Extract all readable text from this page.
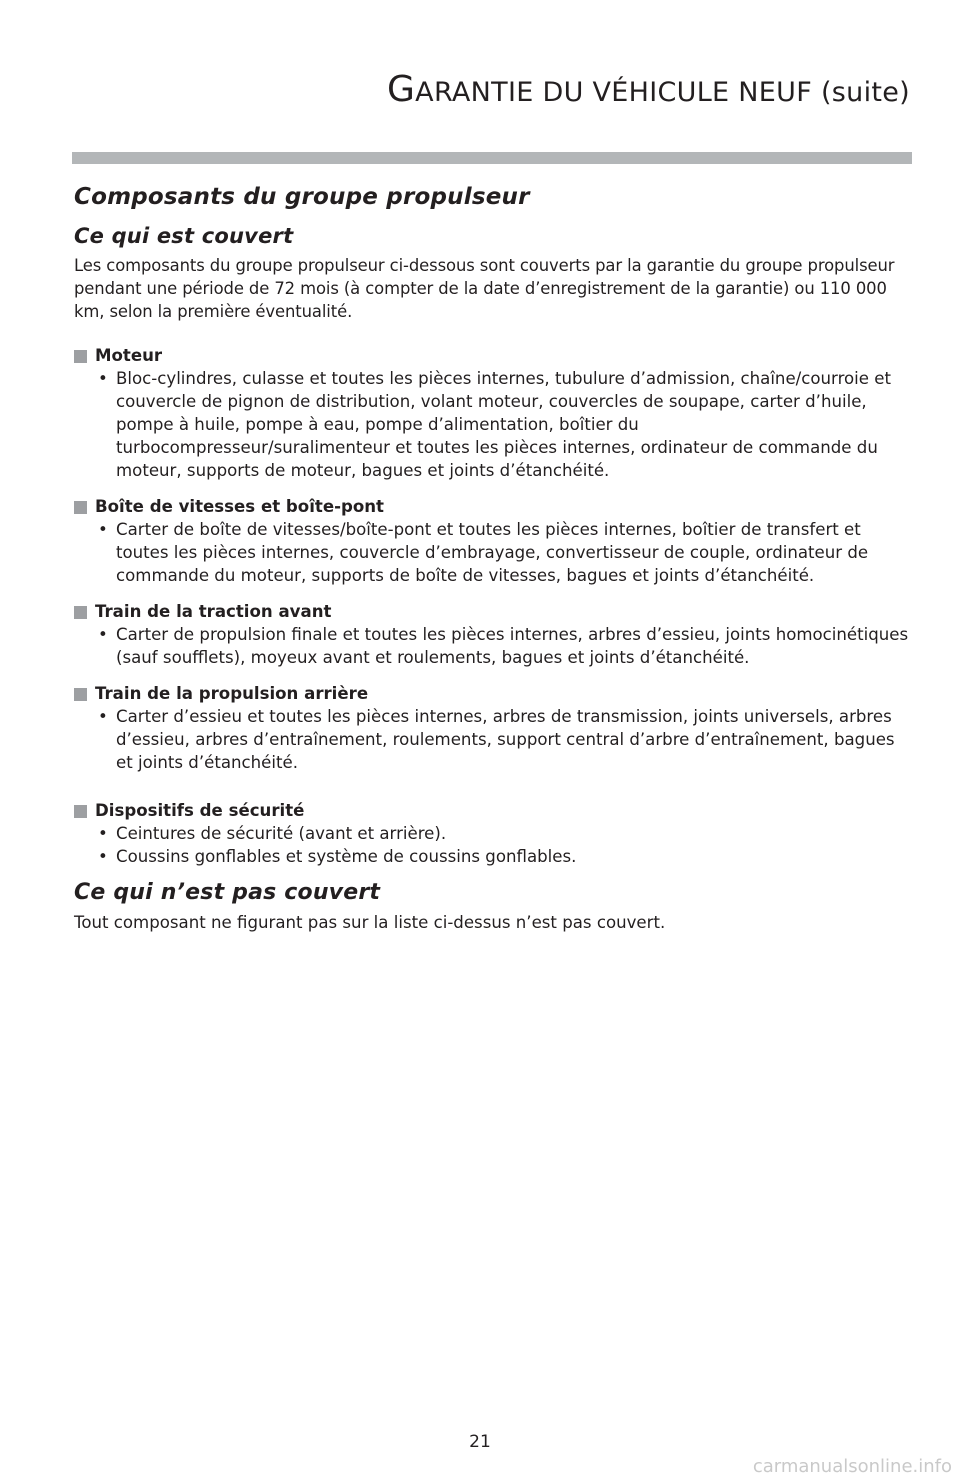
GARANTIE DU VÉHICULE NEUF (suite)
Composants du groupe propulseur
Ce qui est couvert

Les composants du groupe propulseur ci-dessous sont couverts par la garantie du groupe propulseur pendant une période de 72 mois (à compter de la date d’enregistrement de la garantie) ou 110 000 km, selon la première éventualité.

Moteur
• Bloc-cylindres, culasse et toutes les pièces internes, tubulure d’admission, chaîne/courroie et couvercle de pignon de distribution, volant moteur, couvercles de soupape, carter d’huile, pompe à huile, pompe à eau, pompe d’alimentation, boîtier du turbocompresseur/suralimenteur et toutes les pièces internes, ordinateur de commande du moteur, supports de moteur, bagues et joints d’étanchéité.
Boîte de vitesses et boîte-pont
• Carter de boîte de vitesses/boîte-pont et toutes les pièces internes, boîtier de transfert et toutes les pièces internes, couvercle d’embrayage, convertisseur de couple, ordinateur de commande du moteur, supports de boîte de vitesses, bagues et joints d’étanchéité.
Train de la traction avant
• Carter de propulsion finale et toutes les pièces internes, arbres d’essieu, joints homocinétiques (sauf soufflets), moyeux avant et roulements, bagues et joints d’étanchéité.
Train de la propulsion arrière
• Carter d’essieu et toutes les pièces internes, arbres de transmission, joints universels, arbres d’essieu, arbres d’entraînement, roulements, support central d’arbre d’entraînement, bagues et joints d’étanchéité.
Dispositifs de sécurité
• Ceintures de sécurité (avant et arrière).
• Coussins gonflables et système de coussins gonflables.
Ce qui n’est pas couvert

Tout composant ne figurant pas sur la liste ci-dessus n’est pas couvert.

21
carmanualsonline.info
